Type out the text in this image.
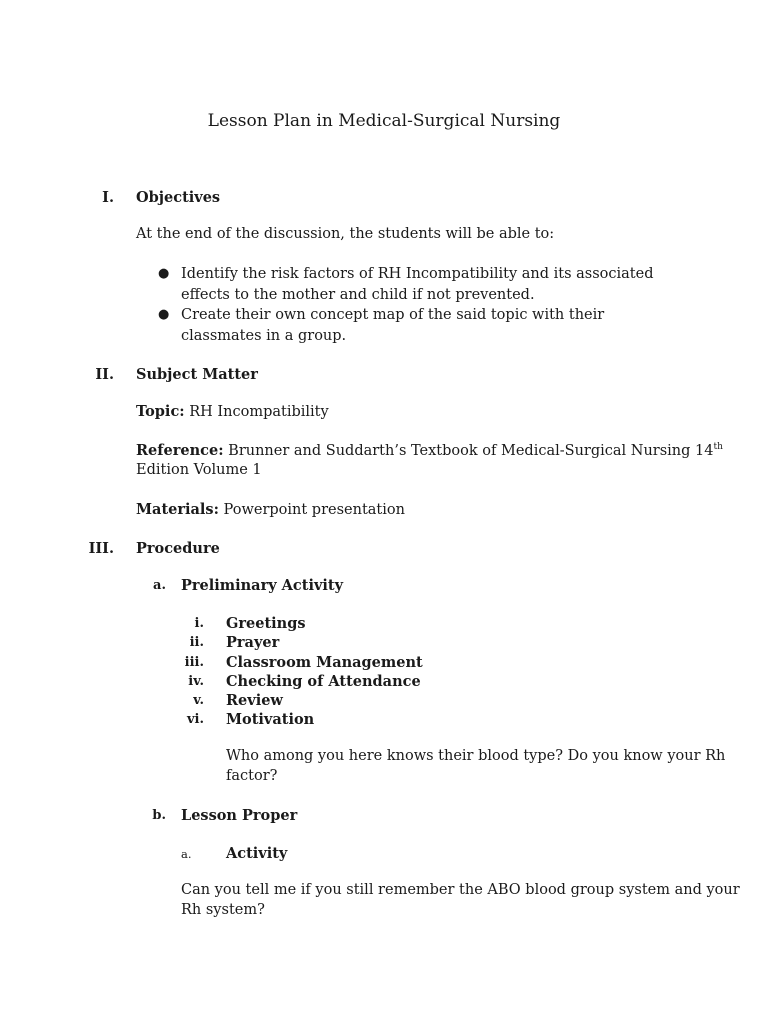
Lesson Plan in Medical-Surgical Nursing
I. Objectives
At the end of the discussion, the students will be able to:
● Identify the risk factors of RH Incompatibility and its associated effects to the mother and child if not prevented.
● Create their own concept map of the said topic with their classmates in a group.
II. Subject Matter
Topic: RH Incompatibility
Reference: Brunner and Suddarth’s Textbook of Medical-Surgical Nursing 14th
Edition Volume 1
Materials: Powerpoint presentation
III. Procedure
a. Preliminary Activity
i. Greetings
ii. Prayer
iii. Classroom Management
iv. Checking of Attendance
v. Review
vi. Motivation
Who among you here knows their blood type? Do you know your Rh
factor?
b. Lesson Proper
a. Activity
Can you tell me if you still remember the ABO blood group system and your
Rh system?
